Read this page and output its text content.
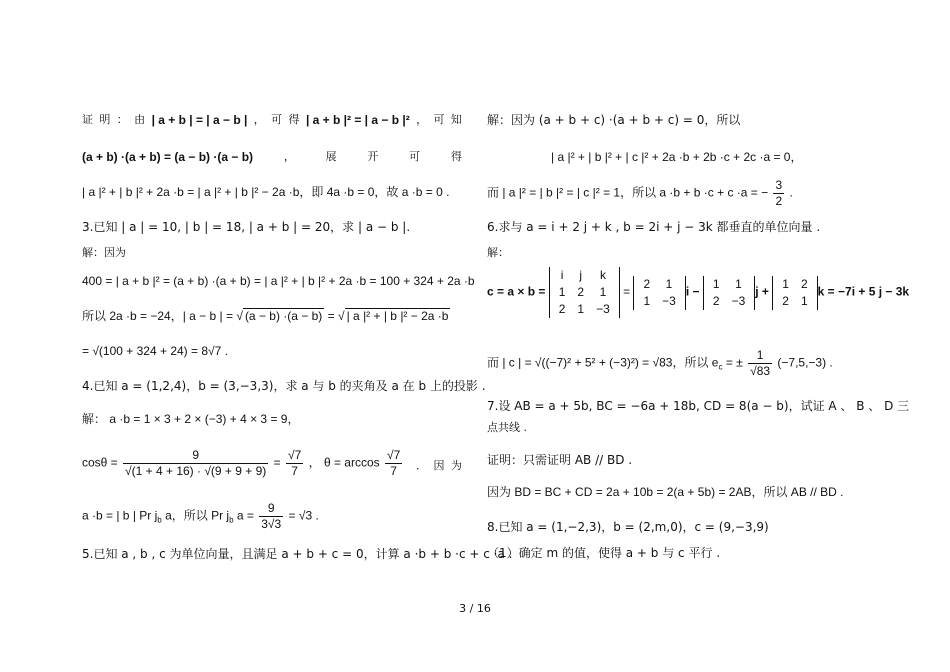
证 明 ： 由 | a + b | = | a − b | ， 可 得 | a + b |² = | a − b |² ， 可 知
(a + b) ·(a + b) = (a − b) ·(a − b)	，	展	开	可	得
| a |² + | b |² + 2a ·b = | a |² + | b |² − 2a ·b，即 4a ·b = 0，故 a ·b = 0 .
3.已知 | a | = 10, | b | = 18, | a + b | = 20，求 | a − b |.
解：因为
400 = | a + b |² = (a + b) ·(a + b) = | a |² + | b |² + 2a ·b = 100 + 324 + 2a ·b
所以 2a ·b = −24，| a − b | = √ (a − b) ·(a − b) = √ | a |² + | b |² − 2a ·b
= √(100 + 324 + 24) = 8√7 .
4.已知 a = (1,2,4)，b = (3,−3,3)，求 a 与 b 的夹角及 a 在 b 上的投影 .
解： a ·b = 1 × 3 + 2 × (−3) + 4 × 3 = 9，
$\cos\theta = \frac{9}{√(1 + 4 + 16) \cdot √(9 + 9 + 9)} = \frac{√7}{7}$ ， $\theta = \arccos \frac{√7}{7}$ ． 因 为
a ·b = | b | Pr $j_b$ a，所以 Pr $j_b$ $a = \frac{9}{3√3} = √3$ .
5.已知 a , b , c 为单位向量，且满足 a + b + c = 0，计算 a ·b + b ·c + c ·a .
解：因为 (a + b + c) ·(a + b + c) = 0，所以
| a |² + | b |² + | c |² + 2a ·b + 2b ·c + 2c ·a = 0，
而 | a |² = | b |² = | c |² = 1，所以 a ·b + b ·c + c ·a = − $\frac{3}{2}$ .
6.求与 a = i + 2 j + k , b = 2i + j − 3k 都垂直的单位向量 .
解：
c = a × b =
i	j	k
1	2	1
2	1	−3
=
2	1
1	−3
i −
1	1
2	−3
j +
1	2
2	1
k = −7i + 5 j − 3k
而 | c | = √((−7)² + 5² + (−3)²) = √83，所以 $e_c$ = ± $\frac{1}{√83} (-7,5,-3)$ .
7.设 AB = a + 5b, BC = −6a + 18b, CD = 8(a − b)，试证 A 、 B 、 D 三
点共线 .
证明：只需证明 AB // BD .
因为 BD = BC + CD = 2a + 10b = 2(a + 5b) = 2AB，所以 AB // BD .
8.已知 a = (1,−2,3)，b = (2,m,0)，c = (9,−3,9)
（1）确定 m 的值，使得 a + b 与 c 平行 .
3 / 16
